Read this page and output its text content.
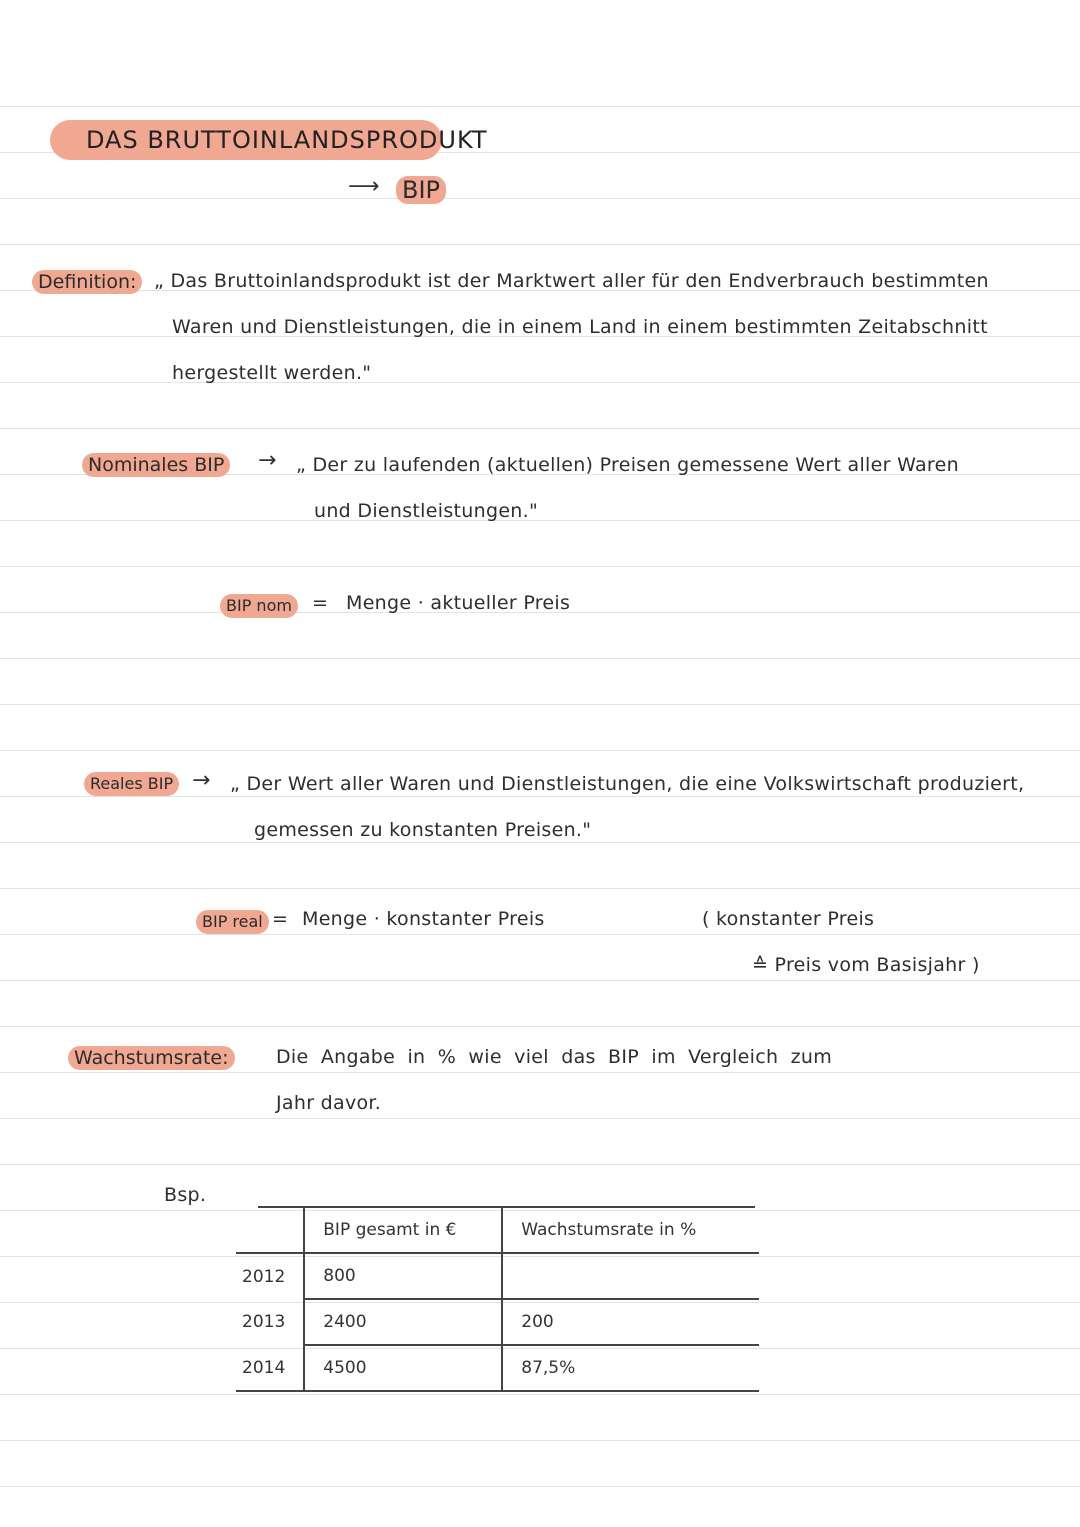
DAS BRUTTOINLANDSPRODUKT
⟶ BIP
Definition: „ Das Bruttoinlandsprodukt ist der Marktwert aller für den Endverbrauch bestimmten
Waren und Dienstleistungen, die in einem Land in einem bestimmten Zeitabschnitt
hergestellt werden."
Nominales BIP → „ Der zu laufenden (aktuellen) Preisen gemessene Wert aller Waren
und Dienstleistungen."
BIP nom	= Menge · aktueller Preis
Reales BIP → „ Der Wert aller Waren und Dienstleistungen, die eine Volkswirtschaft produziert,
gemessen zu konstanten Preisen."
BIP real = Menge · konstanter Preis	( konstanter Preis
≙ Preis vom Basisjahr )
Wachstumsrate:	Die Angabe in % wie viel das BIP im Vergleich zum
Jahr davor.
Bsp.
	BIP gesamt in €	Wachstumsrate in %
2012	800	
2013	2400	200
2014	4500	87,5%
